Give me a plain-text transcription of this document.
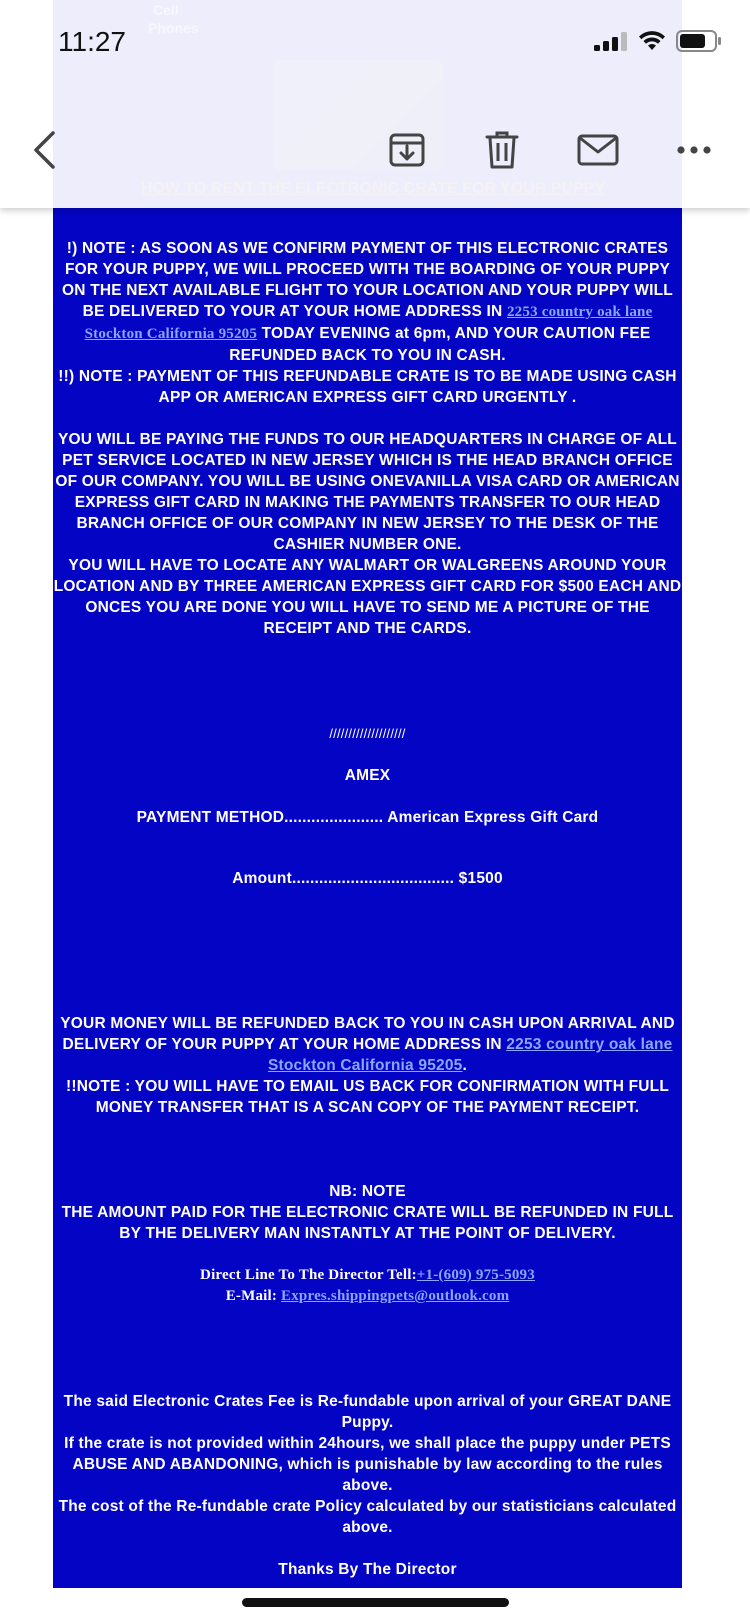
11:27

!) NOTE : AS SOON AS WE CONFIRM PAYMENT OF THIS ELECTRONIC CRATES FOR YOUR PUPPY, WE WILL PROCEED WITH THE BOARDING OF YOUR PUPPY ON THE NEXT AVAILABLE FLIGHT TO YOUR LOCATION AND YOUR PUPPY WILL BE DELIVERED TO YOUR AT YOUR HOME ADDRESS IN 2253 country oak lane Stockton California 95205 TODAY EVENING at 6pm, AND YOUR CAUTION FEE REFUNDED BACK TO YOU IN CASH.

!!) NOTE : PAYMENT OF THIS REFUNDABLE CRATE IS TO BE MADE USING CASH APP OR AMERICAN EXPRESS GIFT CARD URGENTLY .

YOU WILL BE PAYING THE FUNDS TO OUR HEADQUARTERS IN CHARGE OF ALL PET SERVICE LOCATED IN NEW JERSEY WHICH IS THE HEAD BRANCH OFFICE OF OUR COMPANY. YOU WILL BE USING ONEVANILLA VISA CARD OR AMERICAN EXPRESS GIFT CARD IN MAKING THE PAYMENTS TRANSFER TO OUR HEAD BRANCH OFFICE OF OUR COMPANY IN NEW JERSEY TO THE DESK OF THE CASHIER NUMBER ONE.

YOU WILL HAVE TO LOCATE ANY WALMART OR WALGREENS AROUND YOUR LOCATION AND BY THREE AMERICAN EXPRESS GIFT CARD FOR $500 EACH AND ONCES YOU ARE DONE YOU WILL HAVE TO SEND ME A PICTURE OF THE RECEIPT AND THE CARDS.

////////////////////

AMEX

PAYMENT METHOD...................... American Express Gift Card

Amount.................................... $1500

YOUR MONEY WILL BE REFUNDED BACK TO YOU IN CASH UPON ARRIVAL AND DELIVERY OF YOUR PUPPY AT YOUR HOME ADDRESS IN 2253 country oak lane Stockton California 95205.

!!NOTE : YOU WILL HAVE TO EMAIL US BACK FOR CONFIRMATION WITH FULL MONEY TRANSFER THAT IS A SCAN COPY OF THE PAYMENT RECEIPT.

NB: NOTE

THE AMOUNT PAID FOR THE ELECTRONIC CRATE WILL BE REFUNDED IN FULL BY THE DELIVERY MAN INSTANTLY AT THE POINT OF DELIVERY.

Direct Line To The Director Tell:+1-(609) 975-5093

E-Mail: Expres.shippingpets@outlook.com

The said Electronic Crates Fee is Re-fundable upon arrival of your GREAT DANE Puppy.

If the crate is not provided within 24hours, we shall place the puppy under PETS ABUSE AND ABANDONING, which is punishable by law according to the rules above.

The cost of the Re-fundable crate Policy calculated by our statisticians calculated above.

Thanks By The Director
